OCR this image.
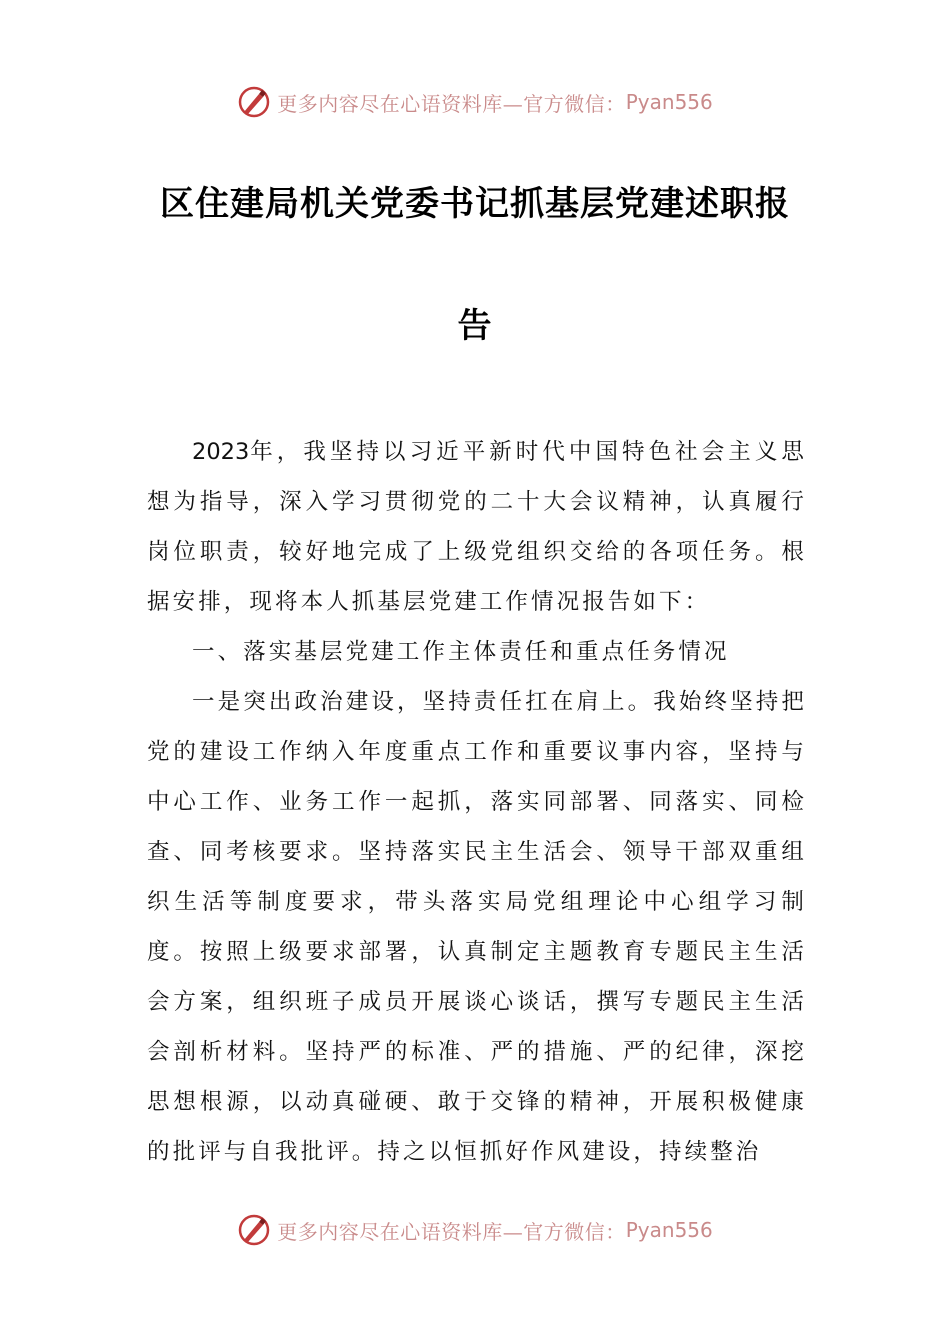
更多内容尽在心语资料库—官方微信： Pyan556
区住建局机关党委书记抓基层党建述职报
告

2023年，我坚持以习近平新时代中国特色社会主义思想为指导，深入学习贯彻党的二十大会议精神，认真履行岗位职责，较好地完成了上级党组织交给的各项任务。根据安排，现将本人抓基层党建工作情况报告如下：

一、落实基层党建工作主体责任和重点任务情况

一是突出政治建设，坚持责任扛在肩上。我始终坚持把党的建设工作纳入年度重点工作和重要议事内容，坚持与中心工作、业务工作一起抓，落实同部署、同落实、同检查、同考核要求。坚持落实民主生活会、领导干部双重组织生活等制度要求，带头落实局党组理论中心组学习制度。按照上级要求部署，认真制定主题教育专题民主生活会方案，组织班子成员开展谈心谈话，撰写专题民主生活会剖析材料。坚持严的标准、严的措施、严的纪律，深挖思想根源，以动真碰硬、敢于交锋的精神，开展积极健康的批评与自我批评。持之以恒抓好作风建设，持续整治

更多内容尽在心语资料库—官方微信： Pyan556
